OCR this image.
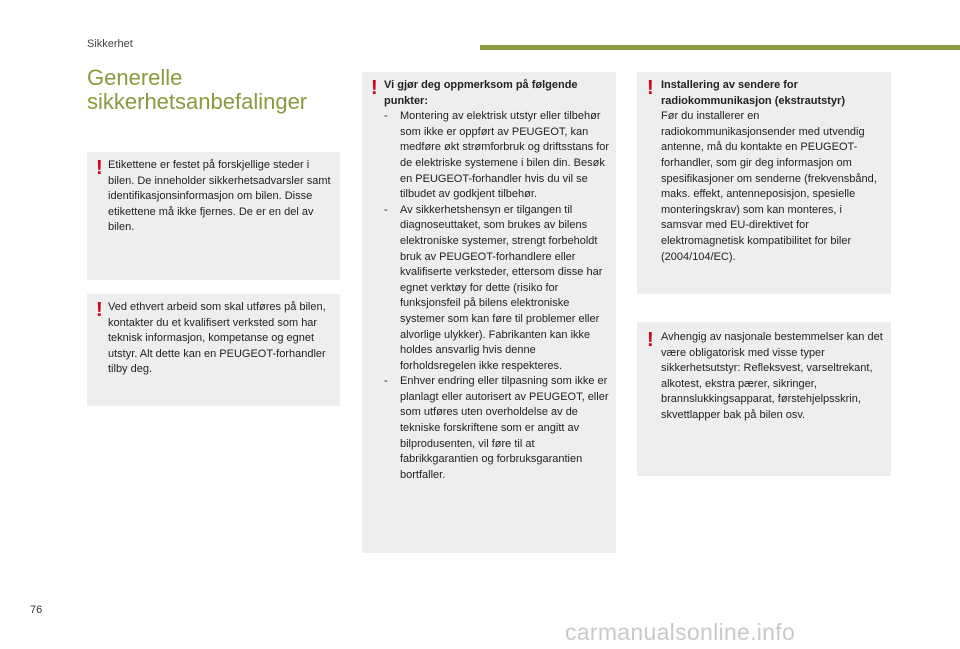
Sikkerhet
Generelle
sikkerhetsanbefalinger
! Etikettene er festet på forskjellige steder i bilen. De inneholder sikkerhetsadvarsler samt identifikasjonsinformasjon om bilen. Disse etikettene må ikke fjernes. De er en del av bilen.

! Ved ethvert arbeid som skal utføres på bilen, kontakter du et kvalifisert verksted som har teknisk informasjon, kompetanse og egnet utstyr. Alt dette kan en PEUGEOT-forhandler tilby deg.

! Vi gjør deg oppmerksom på følgende punkter:

- Montering av elektrisk utstyr eller tilbehør som ikke er oppført av PEUGEOT, kan medføre økt strømforbruk og driftsstans for de elektriske systemene i bilen din. Besøk en PEUGEOT-forhandler hvis du vil se tilbudet av godkjent tilbehør.
- Av sikkerhetshensyn er tilgangen til diagnoseuttaket, som brukes av bilens elektroniske systemer, strengt forbeholdt bruk av PEUGEOT-forhandlere eller kvalifiserte verksteder, ettersom disse har egnet verktøy for dette (risiko for funksjonsfeil på bilens elektroniske systemer som kan føre til problemer eller alvorlige ulykker). Fabrikanten kan ikke holdes ansvarlig hvis denne forholdsregelen ikke respekteres.
- Enhver endring eller tilpasning som ikke er planlagt eller autorisert av PEUGEOT, eller som utføres uten overholdelse av de tekniske forskriftene som er angitt av bilprodusenten, vil føre til at fabrikkgarantien og forbruksgarantien bortfaller.
! Installering av sendere for radiokommunikasjon (ekstrautstyr)

Før du installerer en radiokommunikasjonsender med utvendig antenne, må du kontakte en PEUGEOT-forhandler, som gir deg informasjon om spesifikasjoner om senderne (frekvensbånd, maks. effekt, antenneposisjon, spesielle monteringskrav) som kan monteres, i samsvar med EU-direktivet for elektromagnetisk kompatibilitet for biler (2004/104/EC).

! Avhengig av nasjonale bestemmelser kan det være obligatorisk med visse typer sikkerhetsutstyr: Refleksvest, varseltrekant, alkotest, ekstra pærer, sikringer, brannslukkingsapparat, førstehjelpsskrin, skvettlapper bak på bilen osv.

76
carmanualsonline.info
